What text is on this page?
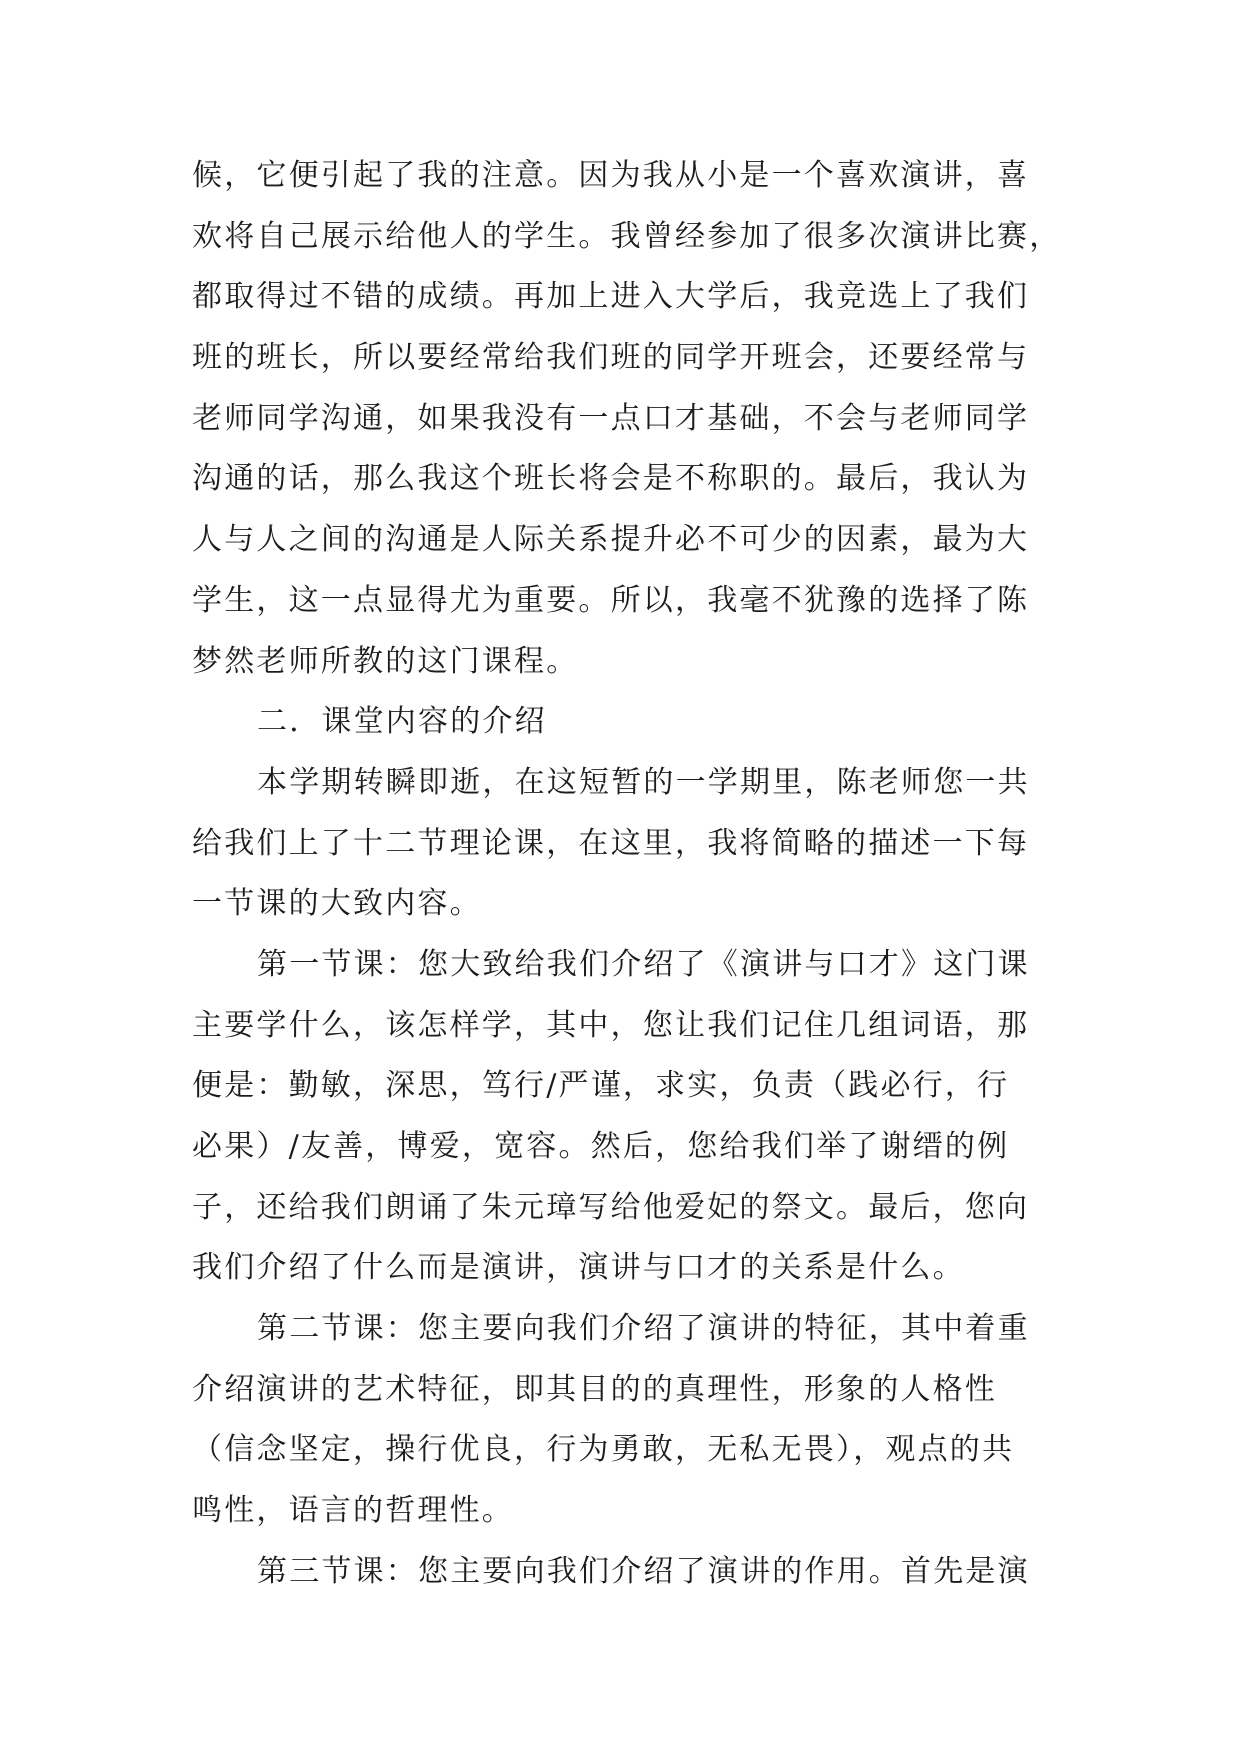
候，它便引起了我的注意。因为我从小是一个喜欢演讲，喜
欢将自己展示给他人的学生。我曾经参加了很多次演讲比赛，
都取得过不错的成绩。再加上进入大学后，我竞选上了我们
班的班长，所以要经常给我们班的同学开班会，还要经常与
老师同学沟通，如果我没有一点口才基础，不会与老师同学
沟通的话，那么我这个班长将会是不称职的。最后，我认为
人与人之间的沟通是人际关系提升必不可少的因素，最为大
学生，这一点显得尤为重要。所以，我毫不犹豫的选择了陈
梦然老师所教的这门课程。
二．课堂内容的介绍
本学期转瞬即逝，在这短暂的一学期里，陈老师您一共
给我们上了十二节理论课，在这里，我将简略的描述一下每
一节课的大致内容。
第一节课：您大致给我们介绍了《演讲与口才》这门课
主要学什么，该怎样学，其中，您让我们记住几组词语，那
便是：勤敏，深思，笃行/严谨，求实，负责（践必行，行
必果）/友善，博爱，宽容。然后，您给我们举了谢缙的例
子，还给我们朗诵了朱元璋写给他爱妃的祭文。最后，您向
我们介绍了什么而是演讲，演讲与口才的关系是什么。
第二节课：您主要向我们介绍了演讲的特征，其中着重
介绍演讲的艺术特征，即其目的的真理性，形象的人格性
（信念坚定，操行优良，行为勇敢，无私无畏），观点的共
鸣性，语言的哲理性。
第三节课：您主要向我们介绍了演讲的作用。首先是演
